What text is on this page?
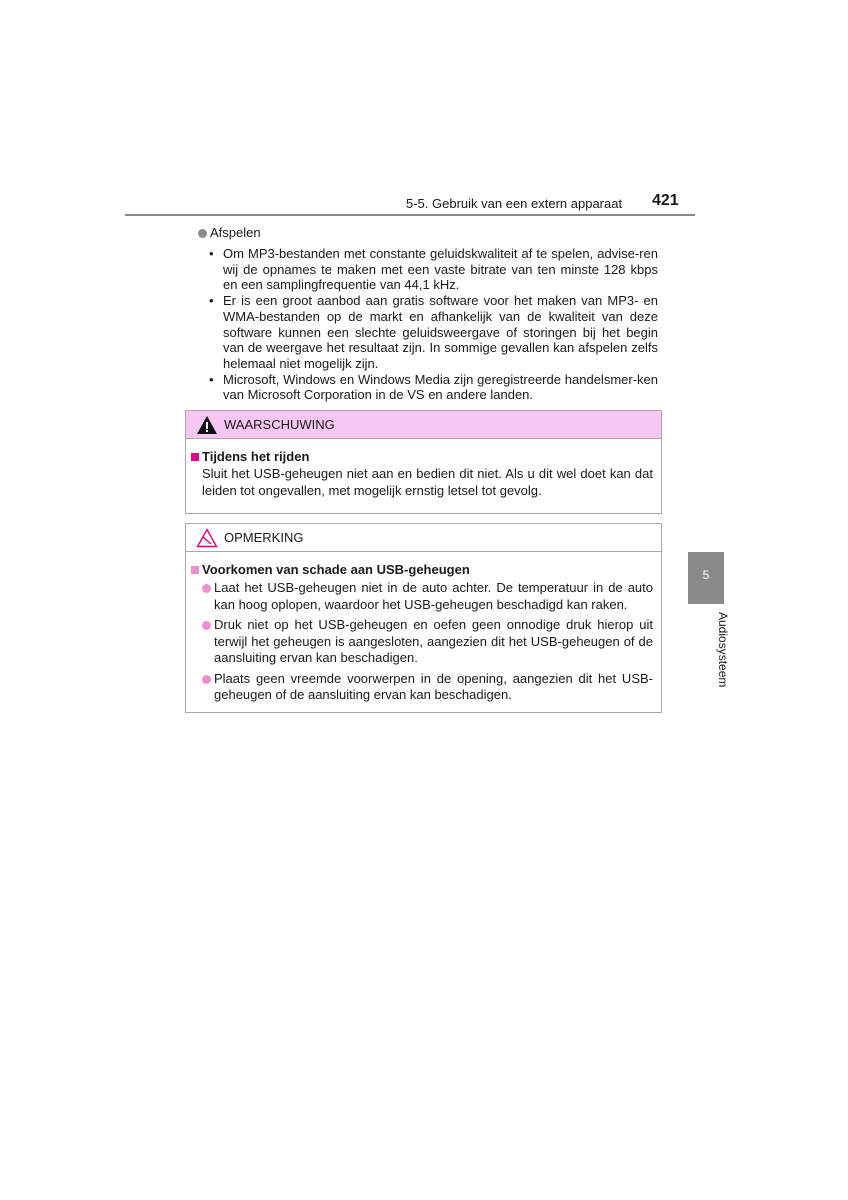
5-5. Gebruik van een extern apparaat 421
Afspelen
• Om MP3-bestanden met constante geluidskwaliteit af te spelen, advise-ren wij de opnames te maken met een vaste bitrate van ten minste 128 kbps en een samplingfrequentie van 44,1 kHz.
• Er is een groot aanbod aan gratis software voor het maken van MP3- en WMA-bestanden op de markt en afhankelijk van de kwaliteit van deze software kunnen een slechte geluidsweergave of storingen bij het begin van de weergave het resultaat zijn. In sommige gevallen kan afspelen zelfs helemaal niet mogelijk zijn.
• Microsoft, Windows en Windows Media zijn geregistreerde handelsmer-ken van Microsoft Corporation in de VS en andere landen.
WAARSCHUWING
Tijdens het rijden
Sluit het USB-geheugen niet aan en bedien dit niet. Als u dit wel doet kan dat leiden tot ongevallen, met mogelijk ernstig letsel tot gevolg.
OPMERKING
Voorkomen van schade aan USB-geheugen
Laat het USB-geheugen niet in de auto achter. De temperatuur in de auto kan hoog oplopen, waardoor het USB-geheugen beschadigd kan raken.
Druk niet op het USB-geheugen en oefen geen onnodige druk hierop uit terwijl het geheugen is aangesloten, aangezien dit het USB-geheugen of de aansluiting ervan kan beschadigen.
Plaats geen vreemde voorwerpen in de opening, aangezien dit het USB-geheugen of de aansluiting ervan kan beschadigen.
5
Audiosysteem
